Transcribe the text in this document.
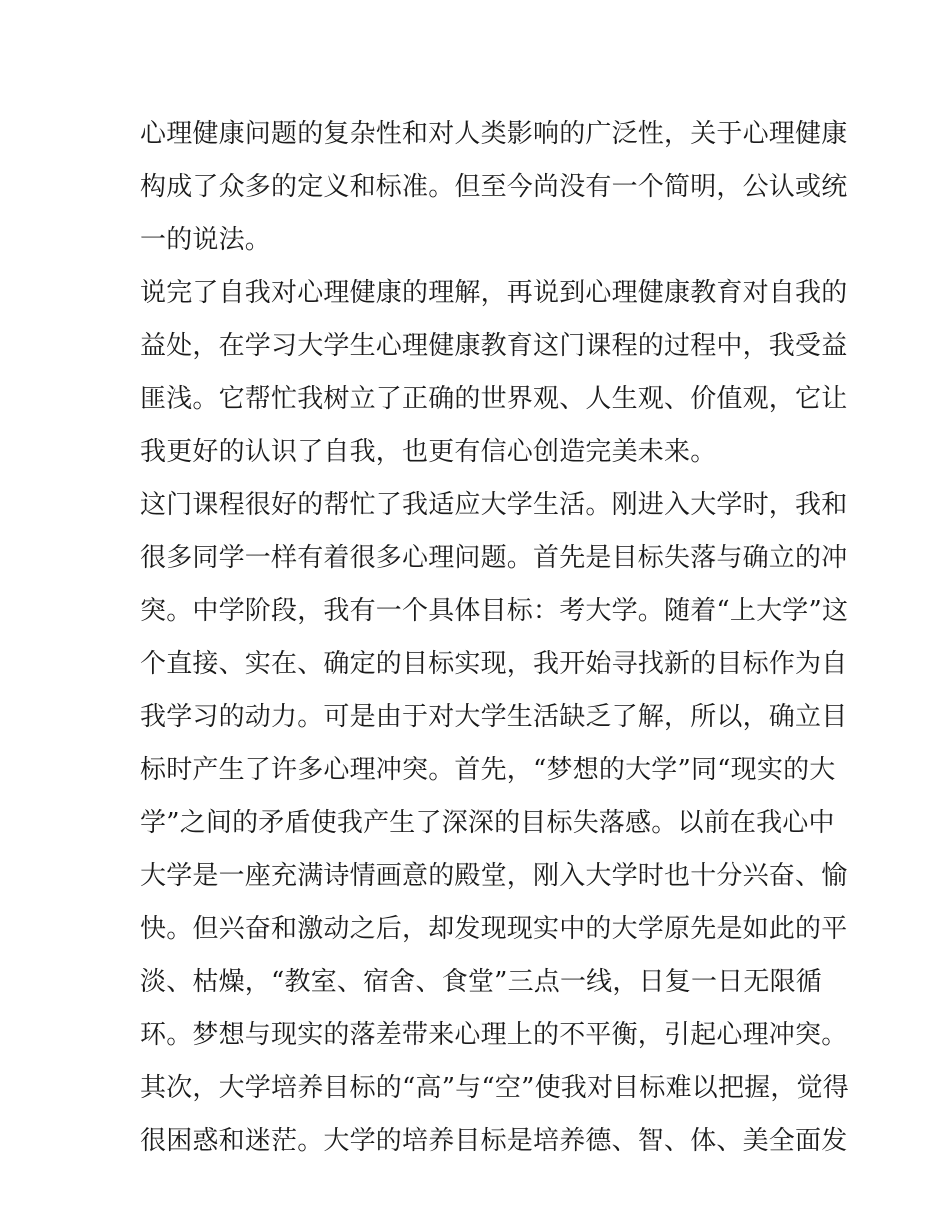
心理健康问题的复杂性和对人类影响的广泛性，关于心理健康
构成了众多的定义和标准。但至今尚没有一个简明，公认或统
一的说法。
说完了自我对心理健康的理解，再说到心理健康教育对自我的
益处，在学习大学生心理健康教育这门课程的过程中，我受益
匪浅。它帮忙我树立了正确的世界观、人生观、价值观，它让
我更好的认识了自我，也更有信心创造完美未来。
这门课程很好的帮忙了我适应大学生活。刚进入大学时，我和
很多同学一样有着很多心理问题。首先是目标失落与确立的冲
突。中学阶段，我有一个具体目标：考大学。随着“上大学”这
个直接、实在、确定的目标实现，我开始寻找新的目标作为自
我学习的动力。可是由于对大学生活缺乏了解，所以，确立目
标时产生了许多心理冲突。首先，“梦想的大学”同“现实的大
学”之间的矛盾使我产生了深深的目标失落感。以前在我心中
大学是一座充满诗情画意的殿堂，刚入大学时也十分兴奋、愉
快。但兴奋和激动之后，却发现现实中的大学原先是如此的平
淡、枯燥，“教室、宿舍、食堂”三点一线，日复一日无限循
环。梦想与现实的落差带来心理上的不平衡，引起心理冲突。
其次，大学培养目标的“高”与“空”使我对目标难以把握，觉得
很困惑和迷茫。大学的培养目标是培养德、智、体、美全面发
